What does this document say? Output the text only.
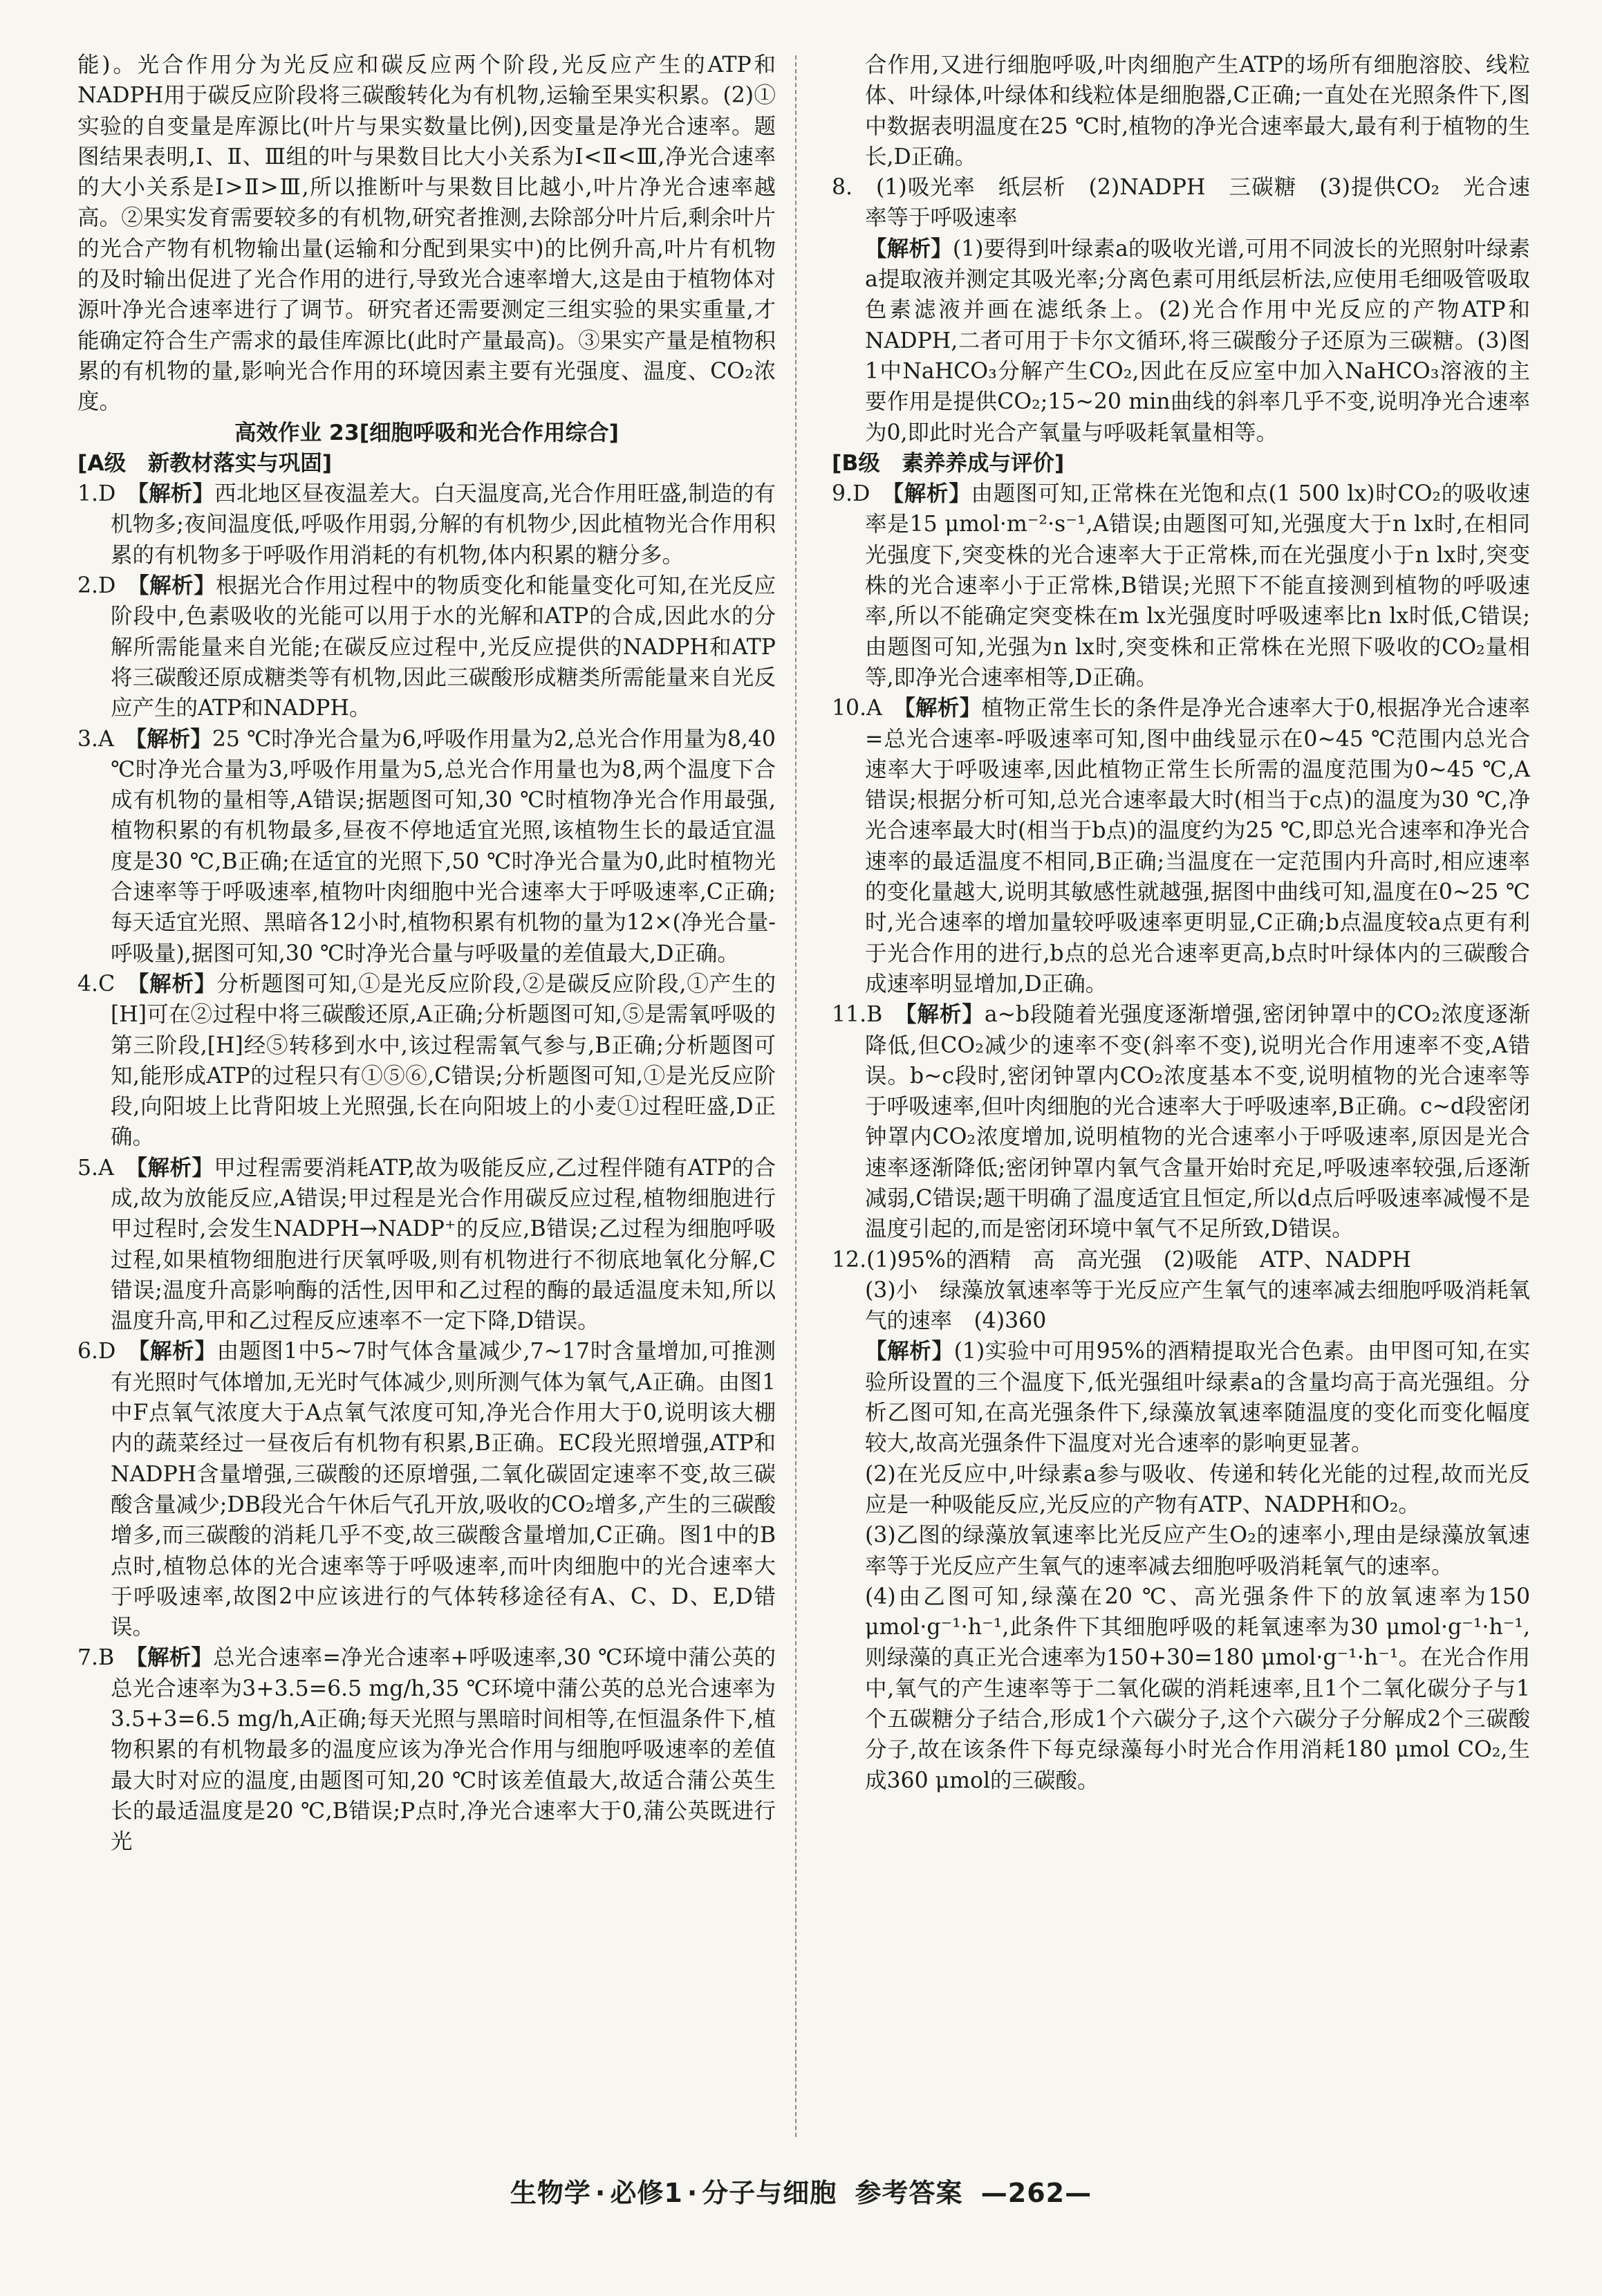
能)。光合作用分为光反应和碳反应两个阶段,光反应产生的ATP和NADPH用于碳反应阶段将三碳酸转化为有机物,运输至果实积累。(2)①实验的自变量是库源比(叶片与果实数量比例),因变量是净光合速率。题图结果表明,Ⅰ、Ⅱ、Ⅲ组的叶与果数目比大小关系为Ⅰ<Ⅱ<Ⅲ,净光合速率的大小关系是Ⅰ>Ⅱ>Ⅲ,所以推断叶与果数目比越小,叶片净光合速率越高。②果实发育需要较多的有机物,研究者推测,去除部分叶片后,剩余叶片的光合产物有机物输出量(运输和分配到果实中)的比例升高,叶片有机物的及时输出促进了光合作用的进行,导致光合速率增大,这是由于植物体对源叶净光合速率进行了调节。研究者还需要测定三组实验的果实重量,才能确定符合生产需求的最佳库源比(此时产量最高)。③果实产量是植物积累的有机物的量,影响光合作用的环境因素主要有光强度、温度、CO₂浓度。

高效作业 23[细胞呼吸和光合作用综合]

[A级　新教材落实与巩固]

1.D　 【解析】西北地区昼夜温差大。白天温度高,光合作用旺盛,制造的有机物多;夜间温度低,呼吸作用弱,分解的有机物少,因此植物光合作用积累的有机物多于呼吸作用消耗的有机物,体内积累的糖分多。

2.D　 【解析】根据光合作用过程中的物质变化和能量变化可知,在光反应阶段中,色素吸收的光能可以用于水的光解和ATP的合成,因此水的分解所需能量来自光能;在碳反应过程中,光反应提供的NADPH和ATP将三碳酸还原成糖类等有机物,因此三碳酸形成糖类所需能量来自光反应产生的ATP和NADPH。

3.A　 【解析】25 ℃时净光合量为6,呼吸作用量为2,总光合作用量为8,40 ℃时净光合量为3,呼吸作用量为5,总光合作用量也为8,两个温度下合成有机物的量相等,A错误;据题图可知,30 ℃时植物净光合作用最强,植物积累的有机物最多,昼夜不停地适宜光照,该植物生长的最适宜温度是30 ℃,B正确;在适宜的光照下,50 ℃时净光合量为0,此时植物光合速率等于呼吸速率,植物叶肉细胞中光合速率大于呼吸速率,C正确;每天适宜光照、黑暗各12小时,植物积累有机物的量为12×(净光合量-呼吸量),据图可知,30 ℃时净光合量与呼吸量的差值最大,D正确。

4.C　 【解析】分析题图可知,①是光反应阶段,②是碳反应阶段,①产生的[H]可在②过程中将三碳酸还原,A正确;分析题图可知,⑤是需氧呼吸的第三阶段,[H]经⑤转移到水中,该过程需氧气参与,B正确;分析题图可知,能形成ATP的过程只有①⑤⑥,C错误;分析题图可知,①是光反应阶段,向阳坡上比背阳坡上光照强,长在向阳坡上的小麦①过程旺盛,D正确。

5.A　 【解析】甲过程需要消耗ATP,故为吸能反应,乙过程伴随有ATP的合成,故为放能反应,A错误;甲过程是光合作用碳反应过程,植物细胞进行甲过程时,会发生NADPH→NADP⁺的反应,B错误;乙过程为细胞呼吸过程,如果植物细胞进行厌氧呼吸,则有机物进行不彻底地氧化分解,C错误;温度升高影响酶的活性,因甲和乙过程的酶的最适温度未知,所以温度升高,甲和乙过程反应速率不一定下降,D错误。

6.D　 【解析】由题图1中5~7时气体含量减少,7~17时含量增加,可推测有光照时气体增加,无光时气体减少,则所测气体为氧气,A正确。由图1中F点氧气浓度大于A点氧气浓度可知,净光合作用大于0,说明该大棚内的蔬菜经过一昼夜后有机物有积累,B正确。EC段光照增强,ATP和NADPH含量增强,三碳酸的还原增强,二氧化碳固定速率不变,故三碳酸含量减少;DB段光合午休后气孔开放,吸收的CO₂增多,产生的三碳酸增多,而三碳酸的消耗几乎不变,故三碳酸含量增加,C正确。图1中的B点时,植物总体的光合速率等于呼吸速率,而叶肉细胞中的光合速率大于呼吸速率,故图2中应该进行的气体转移途径有A、C、D、E,D错误。

7.B　 【解析】总光合速率=净光合速率+呼吸速率,30 ℃环境中蒲公英的总光合速率为3+3.5=6.5 mg/h,35 ℃环境中蒲公英的总光合速率为3.5+3=6.5 mg/h,A正确;每天光照与黑暗时间相等,在恒温条件下,植物积累的有机物最多的温度应该为净光合作用与细胞呼吸速率的差值最大时对应的温度,由题图可知,20 ℃时该差值最大,故适合蒲公英生长的最适温度是20 ℃,B错误;P点时,净光合速率大于0,蒲公英既进行光

合作用,又进行细胞呼吸,叶肉细胞产生ATP的场所有细胞溶胶、线粒体、叶绿体,叶绿体和线粒体是细胞器,C正确;一直处在光照条件下,图中数据表明温度在25 ℃时,植物的净光合速率最大,最有利于植物的生长,D正确。

8.　(1)吸光率　纸层析　(2)NADPH　三碳糖　(3)提供CO₂　光合速率等于呼吸速率

【解析】(1)要得到叶绿素a的吸收光谱,可用不同波长的光照射叶绿素a提取液并测定其吸光率;分离色素可用纸层析法,应使用毛细吸管吸取色素滤液并画在滤纸条上。(2)光合作用中光反应的产物ATP和NADPH,二者可用于卡尔文循环,将三碳酸分子还原为三碳糖。(3)图1中NaHCO₃分解产生CO₂,因此在反应室中加入NaHCO₃溶液的主要作用是提供CO₂;15~20 min曲线的斜率几乎不变,说明净光合速率为0,即此时光合产氧量与呼吸耗氧量相等。

[B级　素养养成与评价]

9.D　 【解析】由题图可知,正常株在光饱和点(1 500 lx)时CO₂的吸收速率是15 μmol·m⁻²·s⁻¹,A错误;由题图可知,光强度大于n lx时,在相同光强度下,突变株的光合速率大于正常株,而在光强度小于n lx时,突变株的光合速率小于正常株,B错误;光照下不能直接测到植物的呼吸速率,所以不能确定突变株在m lx光强度时呼吸速率比n lx时低,C错误;由题图可知,光强为n lx时,突变株和正常株在光照下吸收的CO₂量相等,即净光合速率相等,D正确。

10.A　 【解析】植物正常生长的条件是净光合速率大于0,根据净光合速率=总光合速率-呼吸速率可知,图中曲线显示在0~45 ℃范围内总光合速率大于呼吸速率,因此植物正常生长所需的温度范围为0~45 ℃,A错误;根据分析可知,总光合速率最大时(相当于c点)的温度为30 ℃,净光合速率最大时(相当于b点)的温度约为25 ℃,即总光合速率和净光合速率的最适温度不相同,B正确;当温度在一定范围内升高时,相应速率的变化量越大,说明其敏感性就越强,据图中曲线可知,温度在0~25 ℃时,光合速率的增加量较呼吸速率更明显,C正确;b点温度较a点更有利于光合作用的进行,b点的总光合速率更高,b点时叶绿体内的三碳酸合成速率明显增加,D正确。

11.B　 【解析】a~b段随着光强度逐渐增强,密闭钟罩中的CO₂浓度逐渐降低,但CO₂减少的速率不变(斜率不变),说明光合作用速率不变,A错误。b~c段时,密闭钟罩内CO₂浓度基本不变,说明植物的光合速率等于呼吸速率,但叶肉细胞的光合速率大于呼吸速率,B正确。c~d段密闭钟罩内CO₂浓度增加,说明植物的光合速率小于呼吸速率,原因是光合速率逐渐降低;密闭钟罩内氧气含量开始时充足,呼吸速率较强,后逐渐减弱,C错误;题干明确了温度适宜且恒定,所以d点后呼吸速率减慢不是温度引起的,而是密闭环境中氧气不足所致,D错误。

12.(1)95%的酒精　高　高光强　(2)吸能　ATP、NADPH

(3)小　绿藻放氧速率等于光反应产生氧气的速率减去细胞呼吸消耗氧气的速率　(4)360

【解析】(1)实验中可用95%的酒精提取光合色素。由甲图可知,在实验所设置的三个温度下,低光强组叶绿素a的含量均高于高光强组。分析乙图可知,在高光强条件下,绿藻放氧速率随温度的变化而变化幅度较大,故高光强条件下温度对光合速率的影响更显著。

(2)在光反应中,叶绿素a参与吸收、传递和转化光能的过程,故而光反应是一种吸能反应,光反应的产物有ATP、NADPH和O₂。

(3)乙图的绿藻放氧速率比光反应产生O₂的速率小,理由是绿藻放氧速率等于光反应产生氧气的速率减去细胞呼吸消耗氧气的速率。

(4)由乙图可知,绿藻在20 ℃、高光强条件下的放氧速率为150 μmol·g⁻¹·h⁻¹,此条件下其细胞呼吸的耗氧速率为30 μmol·g⁻¹·h⁻¹,则绿藻的真正光合速率为150+30=180 μmol·g⁻¹·h⁻¹。在光合作用中,氧气的产生速率等于二氧化碳的消耗速率,且1个二氧化碳分子与1个五碳糖分子结合,形成1个六碳分子,这个六碳分子分解成2个三碳酸分子,故在该条件下每克绿藻每小时光合作用消耗180 μmol CO₂,生成360 μmol的三碳酸。

生物学 · 必修1 · 分子与细胞 参考答案 —262—
